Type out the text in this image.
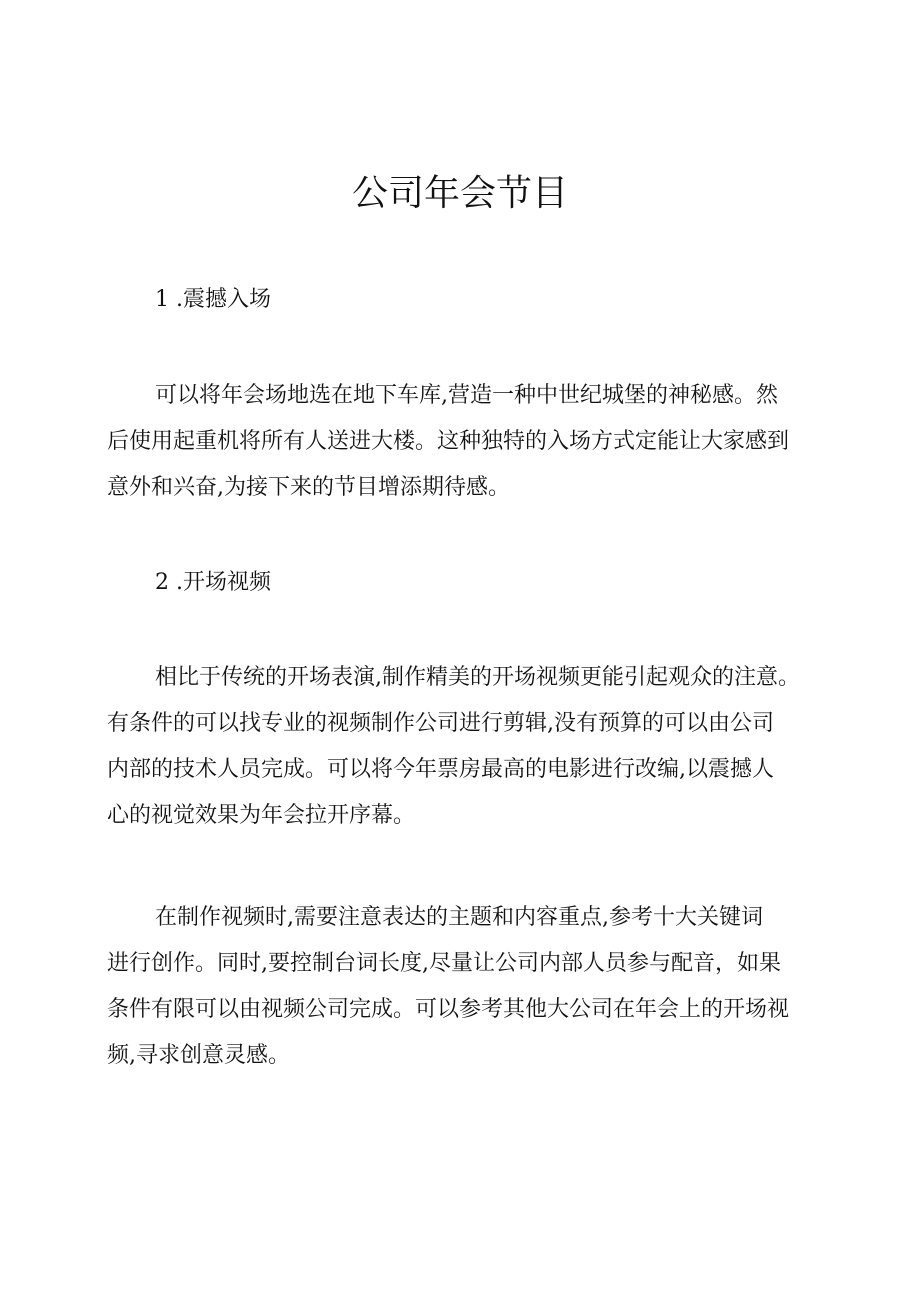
公司年会节目
1 .震撼入场

可以将年会场地选在地下车库,营造一种中世纪城堡的神秘感。然
后使用起重机将所有人送进大楼。这种独特的入场方式定能让大家感到
意外和兴奋,为接下来的节目增添期待感。

2 .开场视频

相比于传统的开场表演,制作精美的开场视频更能引起观众的注意。
有条件的可以找专业的视频制作公司进行剪辑,没有预算的可以由公司
内部的技术人员完成。可以将今年票房最高的电影进行改编,以震撼人
心的视觉效果为年会拉开序幕。

在制作视频时,需要注意表达的主题和内容重点,参考十大关键词
进行创作。同时,要控制台词长度,尽量让公司内部人员参与配音，如果
条件有限可以由视频公司完成。可以参考其他大公司在年会上的开场视
频,寻求创意灵感。
